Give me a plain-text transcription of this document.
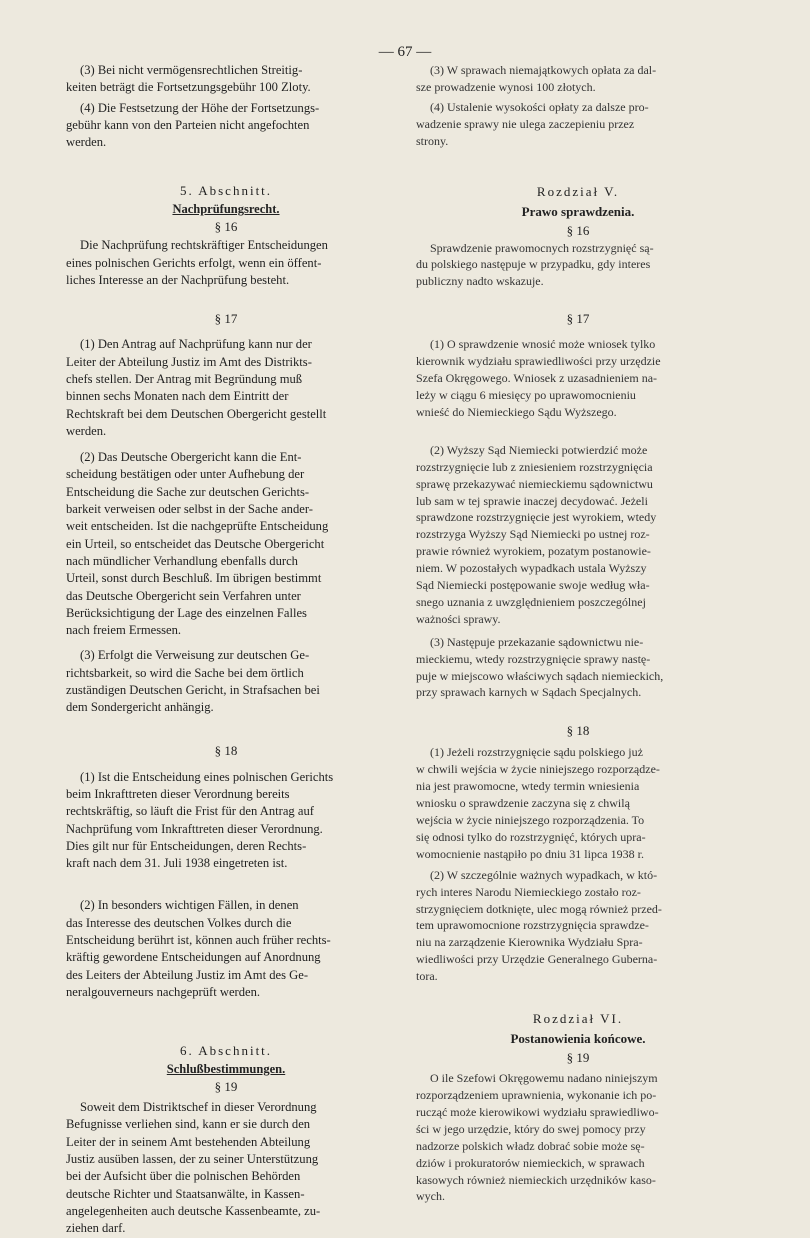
— 67 —

(3) Bei nicht vermögensrechtlichen Streitig-
keiten beträgt die Fortsetzungsgebühr 100 Zloty.

(4) Die Festsetzung der Höhe der Fortsetzungs-
gebühr kann von den Parteien nicht angefochten
werden.

5. Abschnitt.
Nachprüfungsrecht.
§ 16

Die Nachprüfung rechtskräftiger Entscheidungen
eines polnischen Gerichts erfolgt, wenn ein öffent-
liches Interesse an der Nachprüfung besteht.

§ 17

(1) Den Antrag auf Nachprüfung kann nur der
Leiter der Abteilung Justiz im Amt des Distrikts-
chefs stellen. Der Antrag mit Begründung muß
binnen sechs Monaten nach dem Eintritt der
Rechtskraft bei dem Deutschen Obergericht gestellt
werden.

(2) Das Deutsche Obergericht kann die Ent-
scheidung bestätigen oder unter Aufhebung der
Entscheidung die Sache zur deutschen Gerichts-
barkeit verweisen oder selbst in der Sache ander-
weit entscheiden. Ist die nachgeprüfte Entscheidung
ein Urteil, so entscheidet das Deutsche Obergericht
nach mündlicher Verhandlung ebenfalls durch
Urteil, sonst durch Beschluß. Im übrigen bestimmt
das Deutsche Obergericht sein Verfahren unter
Berücksichtigung der Lage des einzelnen Falles
nach freiem Ermessen.

(3) Erfolgt die Verweisung zur deutschen Ge-
richtsbarkeit, so wird die Sache bei dem örtlich
zuständigen Deutschen Gericht, in Strafsachen bei
dem Sondergericht anhängig.

§ 18

(1) Ist die Entscheidung eines polnischen Gerichts
beim Inkrafttreten dieser Verordnung bereits
rechtskräftig, so läuft die Frist für den Antrag auf
Nachprüfung vom Inkrafttreten dieser Verordnung.
Dies gilt nur für Entscheidungen, deren Rechts-
kraft nach dem 31. Juli 1938 eingetreten ist.

(2) In besonders wichtigen Fällen, in denen
das Interesse des deutschen Volkes durch die
Entscheidung berührt ist, können auch früher rechts-
kräftig gewordene Entscheidungen auf Anordnung
des Leiters der Abteilung Justiz im Amt des Ge-
neralgouverneurs nachgeprüft werden.

6. Abschnitt.
Schlußbestimmungen.
§ 19

Soweit dem Distriktschef in dieser Verordnung
Befugnisse verliehen sind, kann er sie durch den
Leiter der in seinem Amt bestehenden Abteilung
Justiz ausüben lassen, der zu seiner Unterstützung
bei der Aufsicht über die polnischen Behörden
deutsche Richter und Staatsanwälte, in Kassen-
angelegenheiten auch deutsche Kassenbeamte, zu-
ziehen darf.

(3) W sprawach niemajątkowych opłata za dal-
sze prowadzenie wynosi 100 złotych.

(4) Ustalenie wysokości opłaty za dalsze pro-
wadzenie sprawy nie ulega zaczepieniu przez
strony.

Rozdział V.
Prawo sprawdzenia.
§ 16

Sprawdzenie prawomocnych rozstrzygnięć są-
du polskiego następuje w przypadku, gdy interes
publiczny nadto wskazuje.

§ 17

(1) O sprawdzenie wnosić może wniosek tylko
kierownik wydziału sprawiedliwości przy urzędzie
Szefa Okręgowego. Wniosek z uzasadnieniem na-
leży w ciągu 6 miesięcy po uprawomocnieniu
wnieść do Niemieckiego Sądu Wyższego.

(2) Wyższy Sąd Niemiecki potwierdzić może
rozstrzygnięcie lub z zniesieniem rozstrzygnięcia
sprawę przekazywać niemieckiemu sądownictwu
lub sam w tej sprawie inaczej decydować. Jeżeli
sprawdzone rozstrzygnięcie jest wyrokiem, wtedy
rozstrzyga Wyższy Sąd Niemiecki po ustnej roz-
prawie również wyrokiem, pozatym postanowie-
niem. W pozostałych wypadkach ustala Wyższy
Sąd Niemiecki postępowanie swoje według wła-
snego uznania z uwzględnieniem poszczególnej
ważności sprawy.

(3) Następuje przekazanie sądownictwu nie-
mieckiemu, wtedy rozstrzygnięcie sprawy nastę-
puje w miejscowo właściwych sądach niemieckich,
przy sprawach karnych w Sądach Specjalnych.

§ 18

(1) Jeżeli rozstrzygnięcie sądu polskiego już
w chwili wejścia w życie niniejszego rozporządze-
nia jest prawomocne, wtedy termin wniesienia
wniosku o sprawdzenie zaczyna się z chwilą
wejścia w życie niniejszego rozporządzenia. To
się odnosi tylko do rozstrzygnięć, których upra-
womocnienie nastąpiło po dniu 31 lipca 1938 r.

(2) W szczególnie ważnych wypadkach, w któ-
rych interes Narodu Niemieckiego zostało roz-
strzygnięciem dotknięte, ulec mogą również przed-
tem uprawomocnione rozstrzygnięcia sprawdze-
niu na zarządzenie Kierownika Wydziału Spra-
wiedliwości przy Urzędzie Generalnego Guberna-
tora.

Rozdział VI.
Postanowienia końcowe.
§ 19

O ile Szefowi Okręgowemu nadano niniejszym
rozporządzeniem uprawnienia, wykonanie ich po-
rucząć może kierowikowi wydziału sprawiedliwo-
ści w jego urzędzie, który do swej pomocy przy
nadzorze polskich władz dobrać sobie może sę-
dziów i prokuratorów niemieckich, w sprawach
kasowych również niemieckich urzędników kaso-
wych.
